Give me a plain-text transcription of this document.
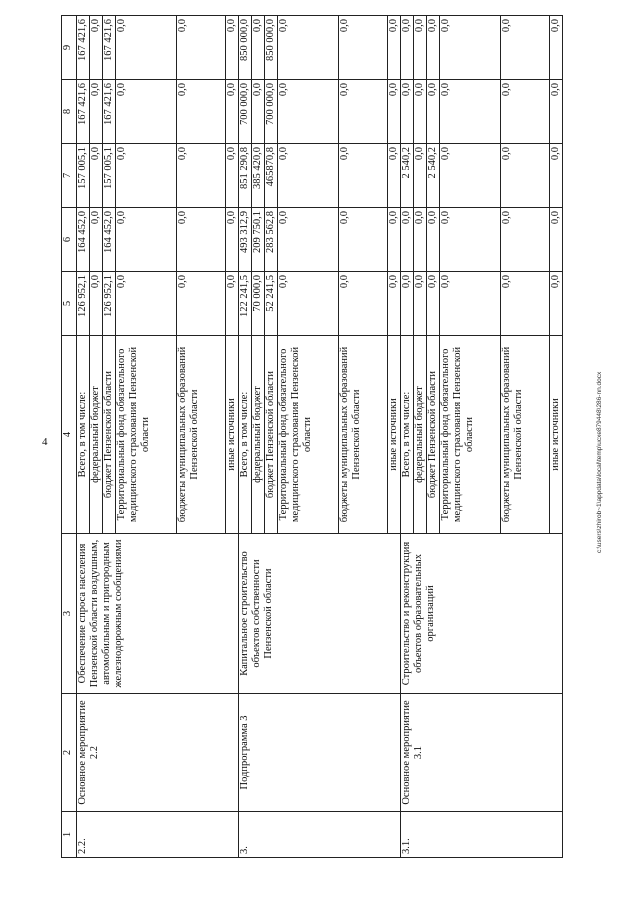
4
1	2	3	4	5	6	7	8	9
2.2.	Основное мероприятие 2.2	Обеспечение спроса населения Пензенской области воздушным, автомобильным и пригородным железнодорожным сообщениями	Всего, в том числе:	126 952,1	164 452,0	157 005,1	167 421,6	167 421,6
			федеральный бюджет	0,0	0,0	0,0	0,0	0,0
			бюджет Пензенской области	126 952,1	164 452,0	157 005,1	167 421,6	167 421,6
			Территориальный фонд обязательного медицинского страхования Пензенской области	0,0	0,0	0,0	0,0	0,0
			бюджеты муниципальных образований Пензенской области	0,0	0,0	0,0	0,0	0,0
			иные источники	0,0	0,0	0,0	0,0	0,0
3.	Подпрограмма 3	Капитальное строительство объектов собственности Пензенской области	Всего, в том числе:	122 241,5	493 312,9	851 290,8	700 000,0	850 000,0
			федеральный бюджет	70 000,0	209 750,1	385 420,0	0,0	0,0
			бюджет Пензенской области	52 241,5	283 562,8	465870,8	700 000,0	850 000,0
			Территориальный фонд обязательного медицинского страхования Пензенской области	0,0	0,0	0,0	0,0	0,0
			бюджеты муниципальных образований Пензенской области	0,0	0,0	0,0	0,0	0,0
			иные источники	0,0	0,0	0,0	0,0	0,0
3.1.	Основное мероприятие 3.1	Строительство и реконструкция объектов образовательных организаций	Всего, в том числе:	0,0	0,0	2 540,2	0,0	0,0
			федеральный бюджет	0,0	0,0	0,0	0,0	0,0
			бюджет Пензенской области	0,0	0,0	2 540,2	0,0	0,0
			Территориальный фонд обязательного медицинского страхования Пензенской области	0,0	0,0	0,0	0,0	0,0
			бюджеты муниципальных образований Пензенской области	0,0	0,0	0,0	0,0	0,0
			иные источники	0,0	0,0	0,0	0,0	0,0
c:\users\zhirob~1\appdata\local\temp\ucxe879448\286-nn.docx
